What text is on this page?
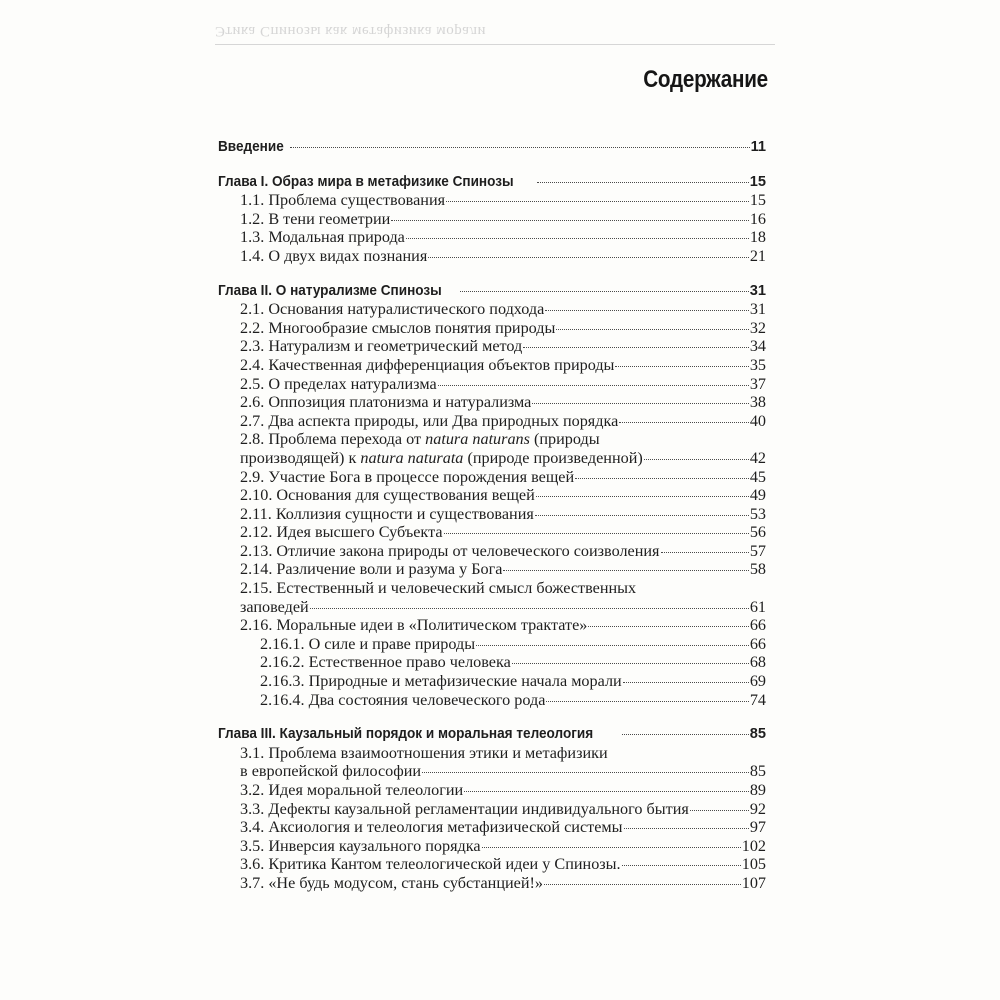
Этика Спинозы как метафизика морали
Содержание
Введение	11
Глава I. Образ мира в метафизике Спинозы	15
1.1. Проблема существования	15
1.2. В тени геометрии	16
1.3. Модальная природа	18
1.4. О двух видах познания	21
Глава II. О натурализме Спинозы	31
2.1. Основания натуралистического подхода	31
2.2. Многообразие смыслов понятия природы	32
2.3. Натурализм и геометрический метод	34
2.4. Качественная дифференциация объектов природы	35
2.5. О пределах натурализма	37
2.6. Оппозиция платонизма и натурализма	38
2.7. Два аспекта природы, или Два природных порядка	40
2.8. Проблема перехода от natura naturans (природы
производящей) к natura naturata (природе произведенной)	42
2.9. Участие Бога в процессе порождения вещей	45
2.10. Основания для существования вещей	49
2.11. Коллизия сущности и существования	53
2.12. Идея высшего Субъекта	56
2.13. Отличие закона природы от человеческого соизволения	57
2.14. Различение воли и разума у Бога	58
2.15. Естественный и человеческий смысл божественных
заповедей	61
2.16. Моральные идеи в «Политическом трактате»	66
2.16.1. О силе и праве природы	66
2.16.2. Естественное право человека	68
2.16.3. Природные и метафизические начала морали	69
2.16.4. Два состояния человеческого рода	74
Глава III. Каузальный порядок и моральная телеология	85
3.1. Проблема взаимоотношения этики и метафизики
в европейской философии	85
3.2. Идея моральной телеологии	89
3.3. Дефекты каузальной регламентации индивидуального бытия	92
3.4. Аксиология и телеология метафизической системы	97
3.5. Инверсия каузального порядка	102
3.6. Критика Кантом телеологической идеи у Спинозы.	105
3.7. «Не будь модусом, стань субстанцией!»	107
